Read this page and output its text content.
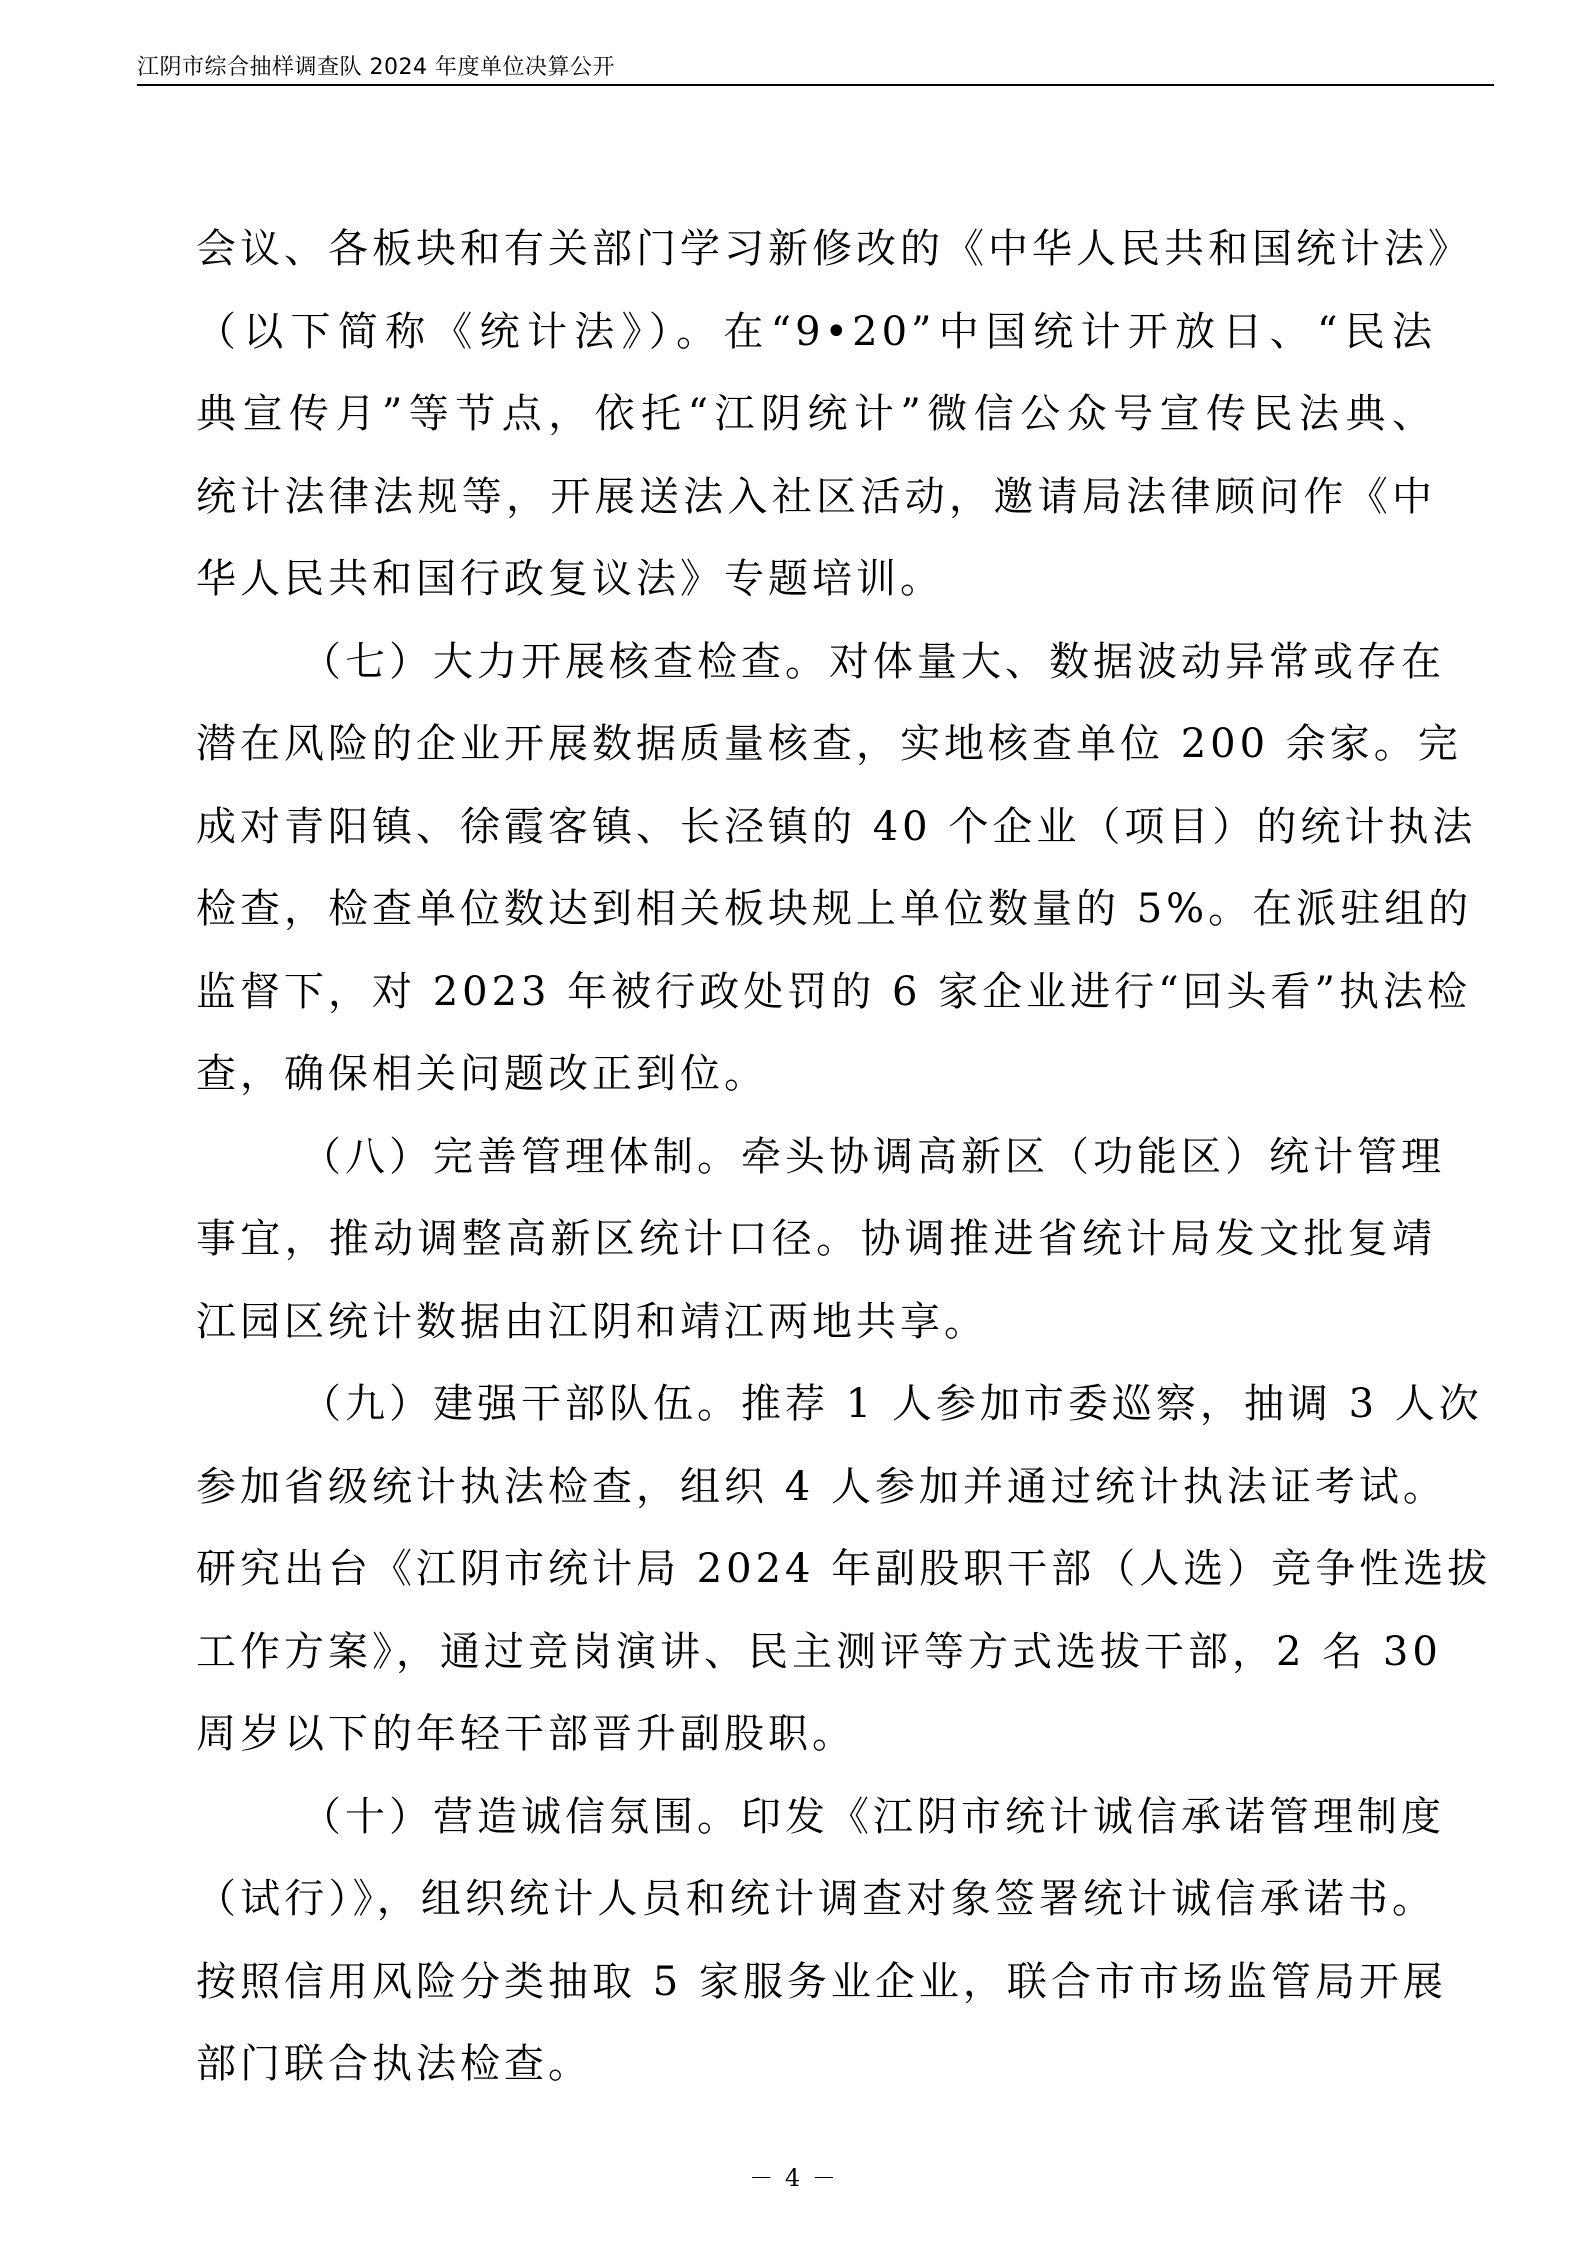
江阴市综合抽样调查队 2024 年度单位决算公开
会议、各板块和有关部门学习新修改的《中华人民共和国统计法》
（以下简称《统计法》）。在“9•20”中国统计开放日、“民法
典宣传月”等节点，依托“江阴统计”微信公众号宣传民法典、
统计法律法规等，开展送法入社区活动，邀请局法律顾问作《中
华人民共和国行政复议法》专题培训。
（七）大力开展核查检查。对体量大、数据波动异常或存在
潜在风险的企业开展数据质量核查，实地核查单位 200 余家。完
成对青阳镇、徐霞客镇、长泾镇的 40 个企业（项目）的统计执法
检查，检查单位数达到相关板块规上单位数量的 5%。在派驻组的
监督下，对 2023 年被行政处罚的 6 家企业进行“回头看”执法检
查，确保相关问题改正到位。
（八）完善管理体制。牵头协调高新区（功能区）统计管理
事宜，推动调整高新区统计口径。协调推进省统计局发文批复靖
江园区统计数据由江阴和靖江两地共享。
（九）建强干部队伍。推荐 1 人参加市委巡察，抽调 3 人次
参加省级统计执法检查，组织 4 人参加并通过统计执法证考试。
研究出台《江阴市统计局 2024 年副股职干部（人选）竞争性选拔
工作方案》，通过竞岗演讲、民主测评等方式选拔干部，2 名 30
周岁以下的年轻干部晋升副股职。
（十）营造诚信氛围。印发《江阴市统计诚信承诺管理制度
（试行）》，组织统计人员和统计调查对象签署统计诚信承诺书。
按照信用风险分类抽取 5 家服务业企业，联合市市场监管局开展
部门联合执法检查。
－ 4 －
